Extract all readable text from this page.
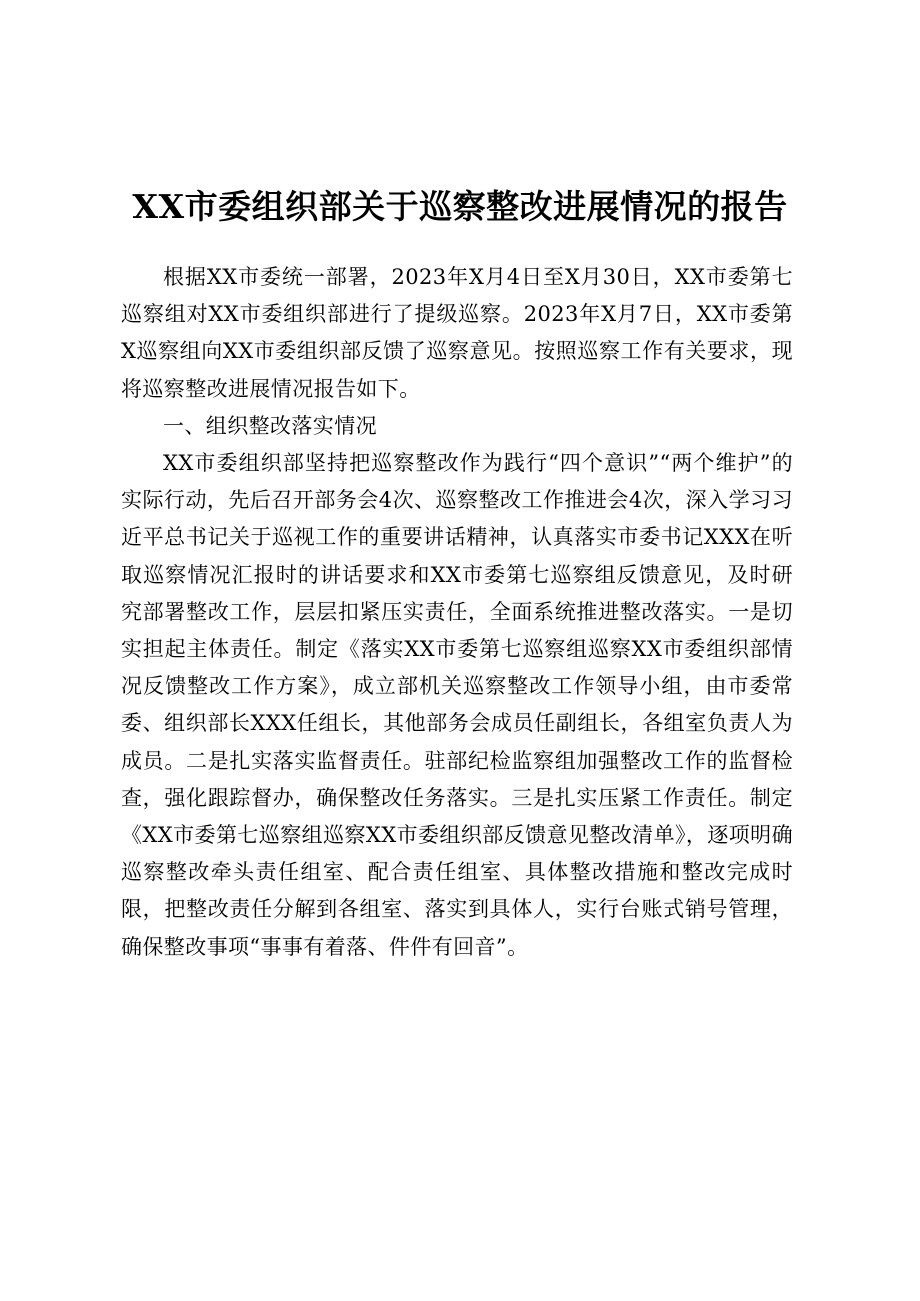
XX市委组织部关于巡察整改进展情况的报告

根据XX市委统一部署，2023年X月4日至X月30日，XX市委第七巡察组对XX市委组织部进行了提级巡察。2023年X月7日，XX市委第X巡察组向XX市委组织部反馈了巡察意见。按照巡察工作有关要求，现将巡察整改进展情况报告如下。

一、组织整改落实情况

XX市委组织部坚持把巡察整改作为践行“四个意识”“两个维护”的实际行动，先后召开部务会4次、巡察整改工作推进会4次，深入学习习近平总书记关于巡视工作的重要讲话精神，认真落实市委书记XXX在听取巡察情况汇报时的讲话要求和XX市委第七巡察组反馈意见，及时研究部署整改工作，层层扣紧压实责任，全面系统推进整改落实。一是切实担起主体责任。制定《落实XX市委第七巡察组巡察XX市委组织部情况反馈整改工作方案》，成立部机关巡察整改工作领导小组，由市委常委、组织部长XXX任组长，其他部务会成员任副组长，各组室负责人为成员。二是扎实落实监督责任。驻部纪检监察组加强整改工作的监督检查，强化跟踪督办，确保整改任务落实。三是扎实压紧工作责任。制定《XX市委第七巡察组巡察XX市委组织部反馈意见整改清单》，逐项明确巡察整改牵头责任组室、配合责任组室、具体整改措施和整改完成时限，把整改责任分解到各组室、落实到具体人，实行台账式销号管理，确保整改事项“事事有着落、件件有回音”。
